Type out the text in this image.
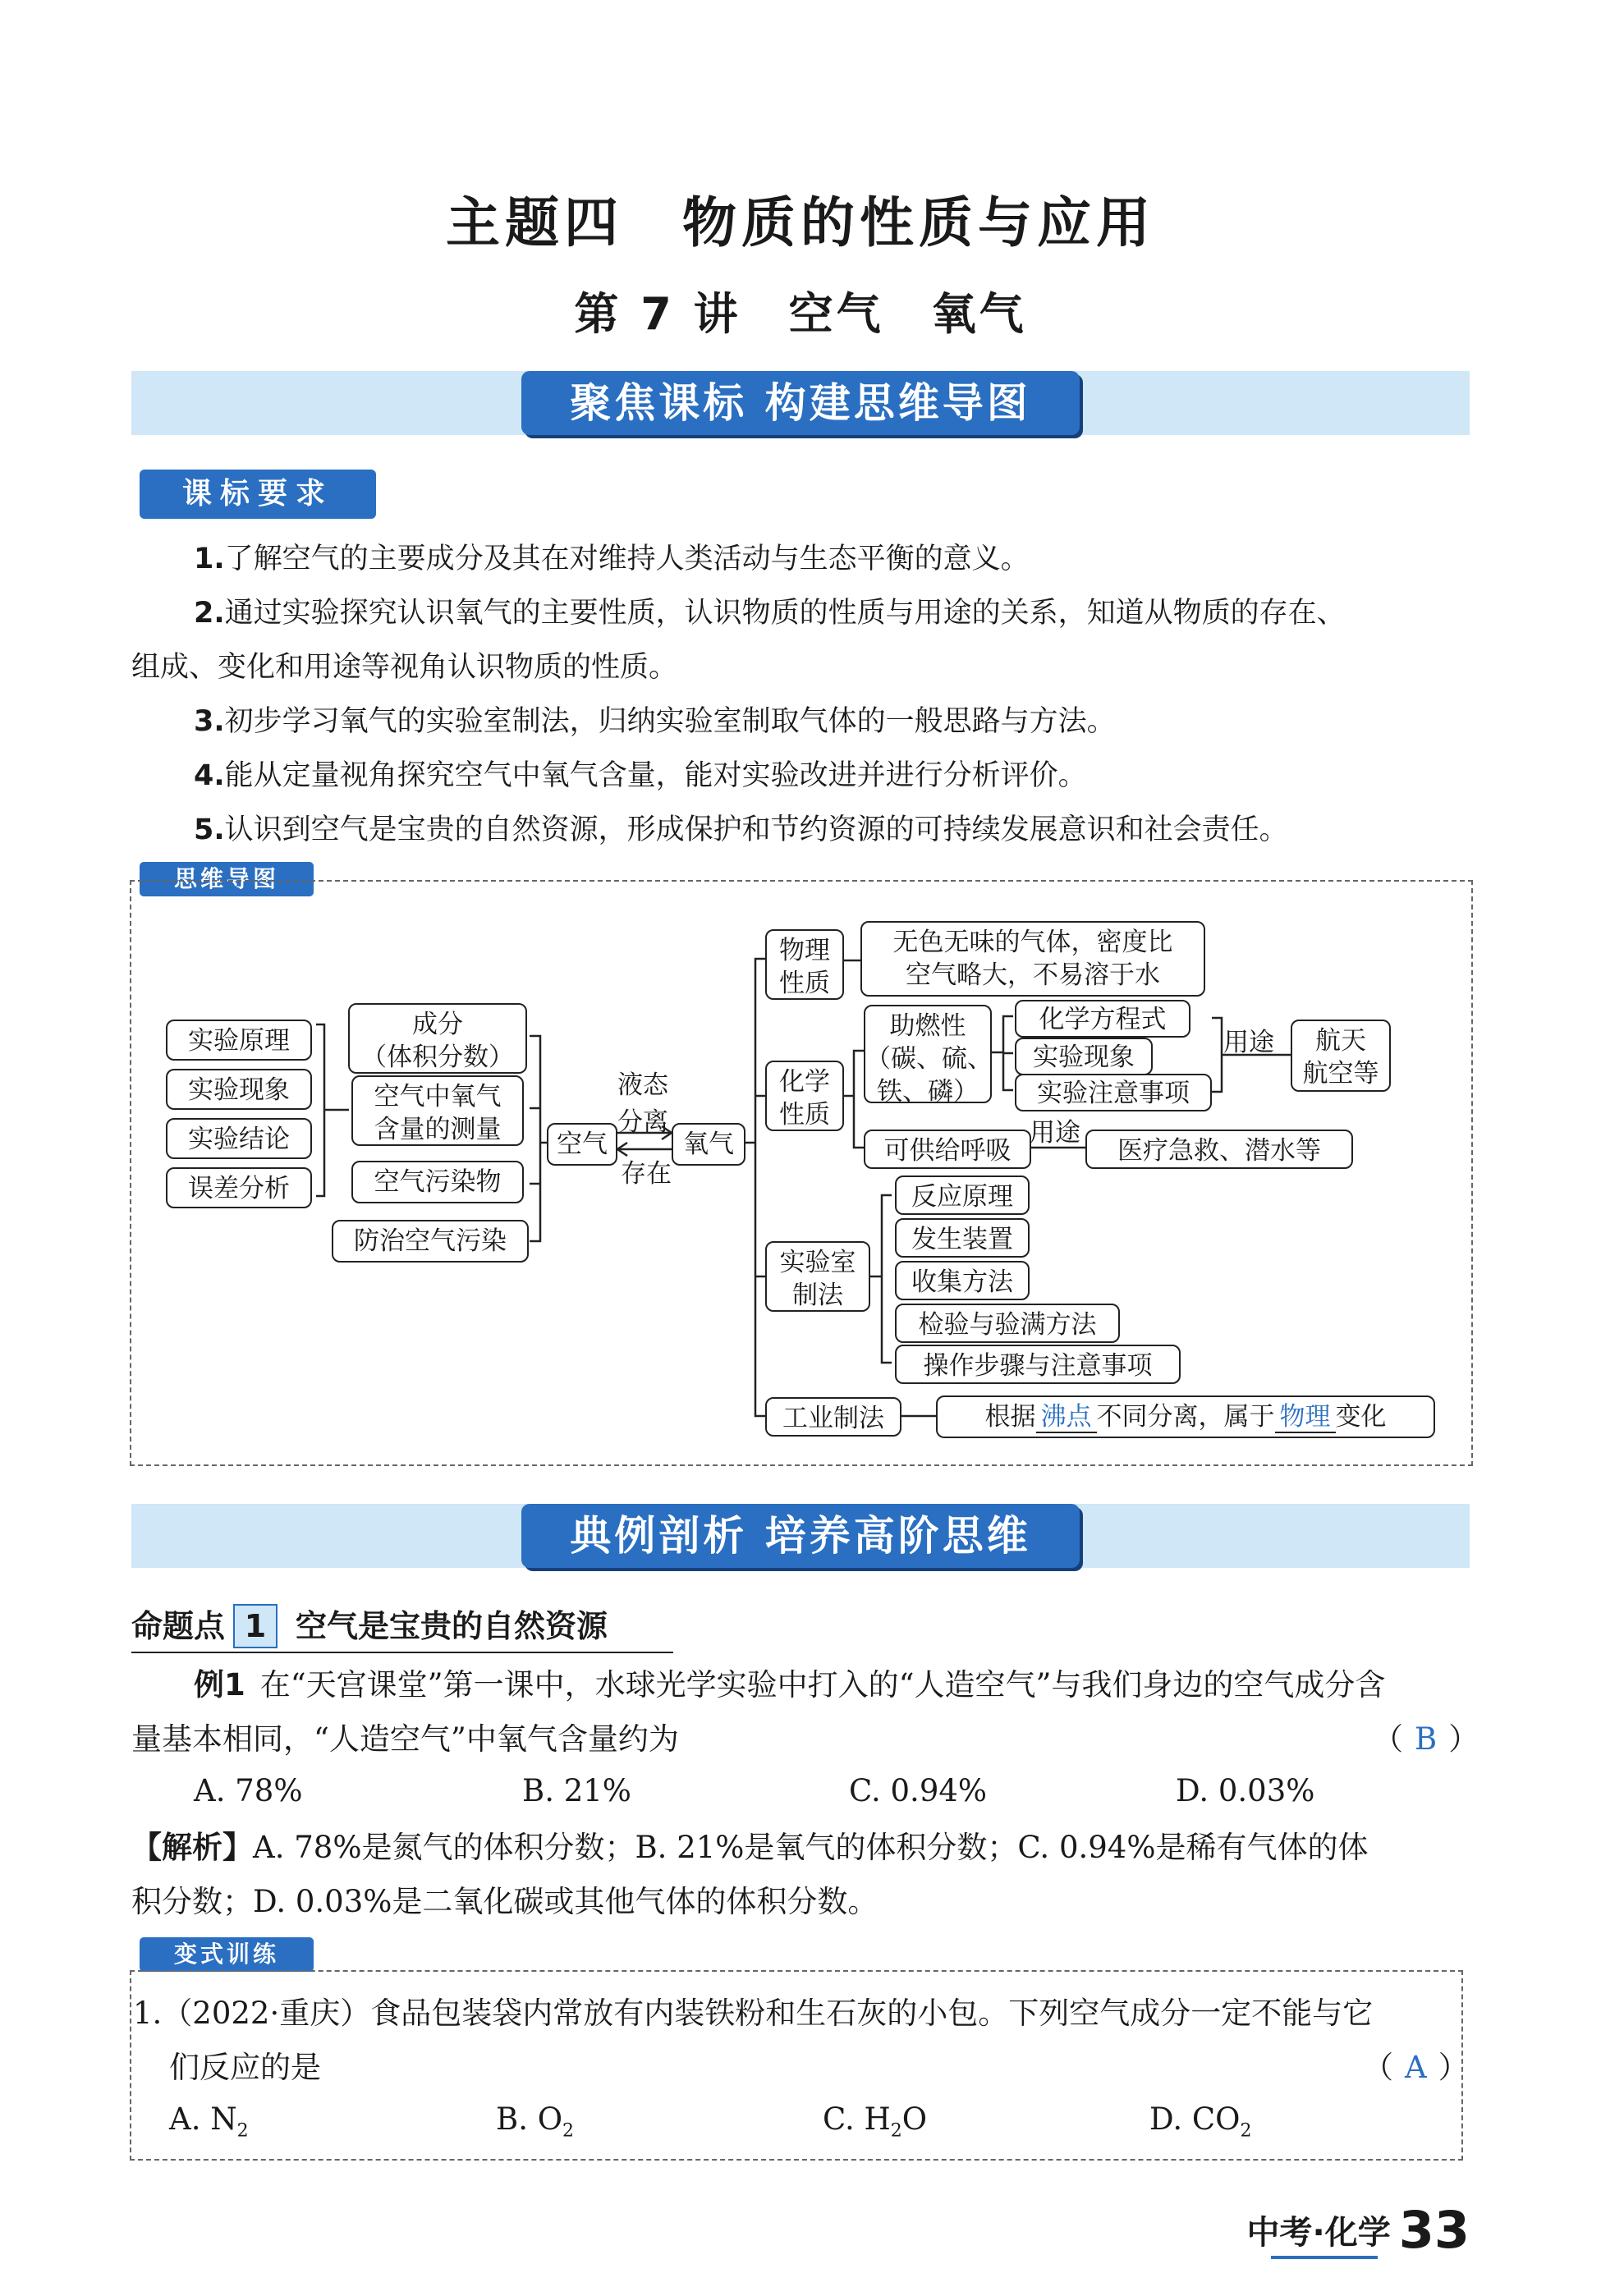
主题四　物质的性质与应用
第 7 讲　空气　氧气
聚焦课标 构建思维导图
课标要求
1.了解空气的主要成分及其在对维持人类活动与生态平衡的意义。
2.通过实验探究认识氧气的主要性质，认识物质的性质与用途的关系，知道从物质的存在、
组成、变化和用途等视角认识物质的性质。
3.初步学习氧气的实验室制法，归纳实验室制取气体的一般思路与方法。
4.能从定量视角探究空气中氧气含量，能对实验改进并进行分析评价。
5.认识到空气是宝贵的自然资源，形成保护和节约资源的可持续发展意识和社会责任。
思维导图
实验原理
实验现象
实验结论
误差分析
成分
（体积分数）
空气中氧气
含量的测量
空气污染物
防治空气污染
空气
液态
分离
存在
氧气
物理
性质
无色无味的气体，密度比
空气略大，不易溶于水
化学
性质
助燃性
（碳、硫、
铁、磷）
化学方程式
实验现象
实验注意事项
用途	航天
航空等
可供给呼吸
用途
医疗急救、潜水等
实验室
制法
反应原理
发生装置
收集方法
检验与验满方法
操作步骤与注意事项
工业制法	根据 沸点 不同分离，属于 物理 变化
典例剖析 培养高阶思维
命题点 1 空气是宝贵的自然资源
例1 在“天宫课堂”第一课中，水球光学实验中打入的“人造空气”与我们身边的空气成分含
量基本相同，“人造空气”中氧气含量约为	（ B ）
A. 78%	B. 21%	C. 0.94%	D. 0.03%
【解析】A. 78%是氮气的体积分数；B. 21%是氧气的体积分数；C. 0.94%是稀有气体的体
积分数；D. 0.03%是二氧化碳或其他气体的体积分数。
变式训练
1.（2022·重庆）食品包装袋内常放有内装铁粉和生石灰的小包。下列空气成分一定不能与它
们反应的是	（ A ）
A. $N_2$	B. $O_2$	C. $H_2O$	D. $CO_2$
中考·化学 33
